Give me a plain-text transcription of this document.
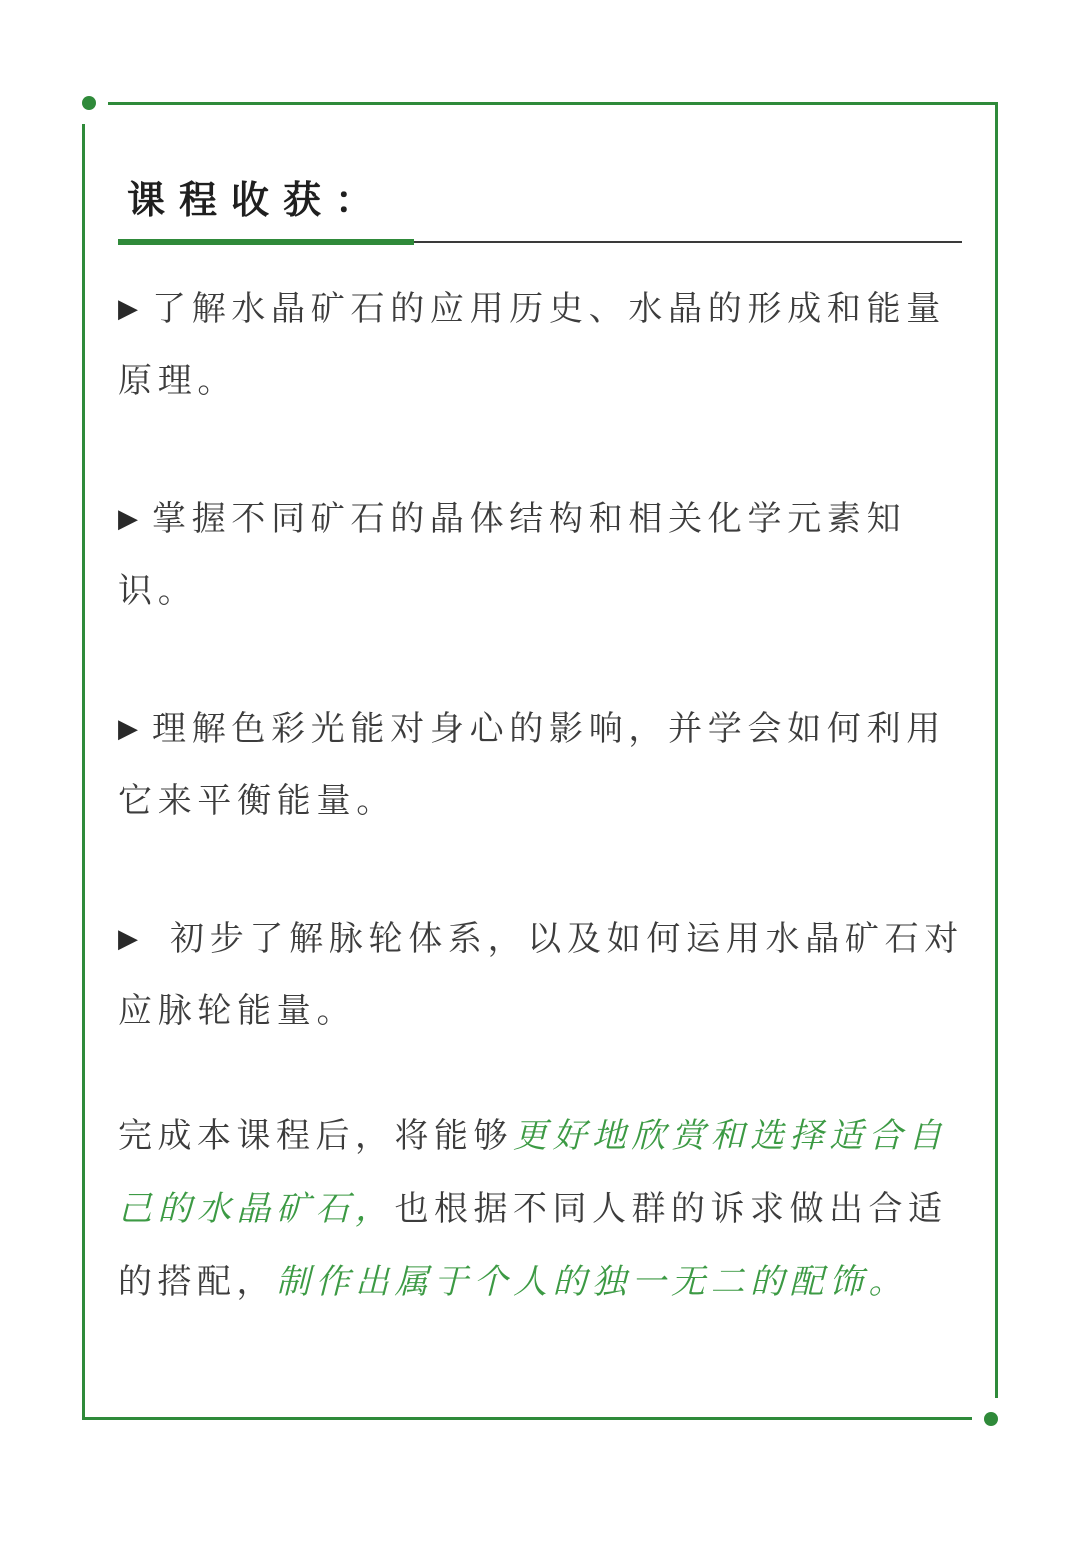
课程收获：

▶ 了解水晶矿石的应用历史、水晶的形成和能量原理。

▶ 掌握不同矿石的晶体结构和相关化学元素知识。

▶ 理解色彩光能对身心的影响，并学会如何利用它来平衡能量。

▶ 初步了解脉轮体系，以及如何运用水晶矿石对应脉轮能量。

完成本课程后，将能够更好地欣赏和选择适合自己的水晶矿石，也根据不同人群的诉求做出合适的搭配，制作出属于个人的独一无二的配饰。
